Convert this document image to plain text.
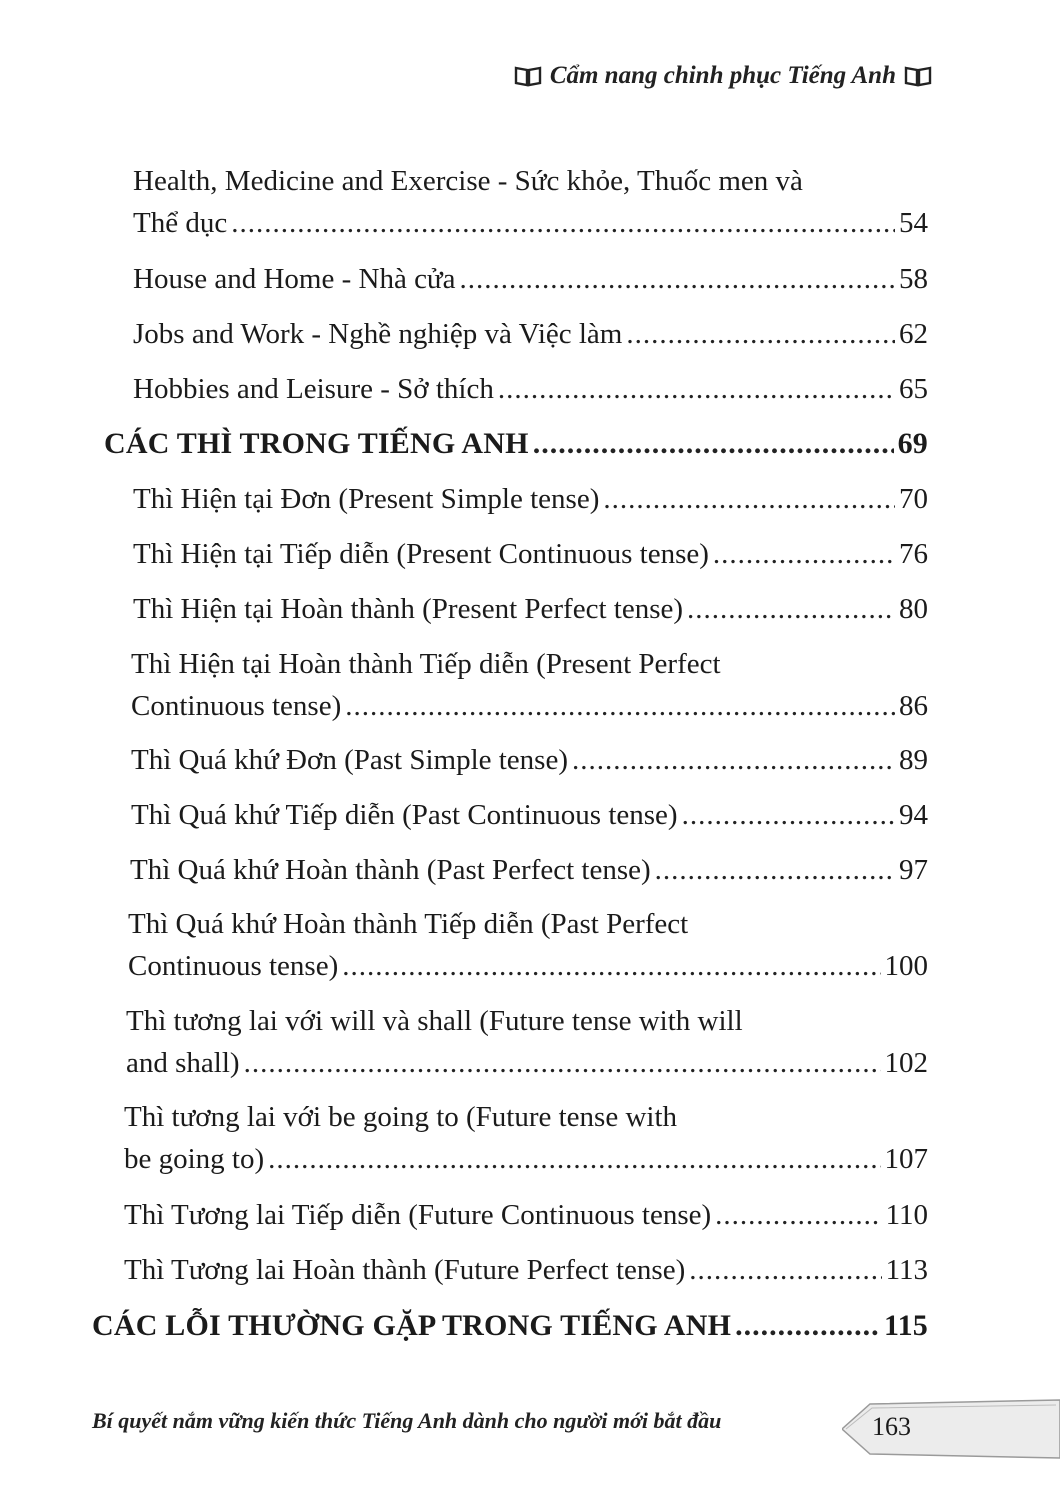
Cẩm nang chinh phục Tiếng Anh
Health, Medicine and Exercise - Sức khỏe, Thuốc men và
Thể dục .....	54
House and Home - Nhà cửa .....	58
Jobs and Work - Nghề nghiệp và Việc làm .....	62
Hobbies and Leisure - Sở thích .....	65
CÁC THÌ TRONG TIẾNG ANH .....	69
Thì Hiện tại Đơn (Present Simple tense) .....	70
Thì Hiện tại Tiếp diễn (Present Continuous tense) .....	76
Thì Hiện tại Hoàn thành (Present Perfect tense) .....	80
Thì Hiện tại Hoàn thành Tiếp diễn (Present Perfect
Continuous tense) .....	86
Thì Quá khứ Đơn (Past Simple tense) .....	89
Thì Quá khứ Tiếp diễn (Past Continuous tense) .....	94
Thì Quá khứ Hoàn thành (Past Perfect tense) .....	97
Thì Quá khứ Hoàn thành Tiếp diễn (Past Perfect
Continuous tense) .....	100
Thì tương lai với will và shall (Future tense with will
and shall) .....	102
Thì tương lai với be going to (Future tense with
be going to) .....	107
Thì Tương lai Tiếp diễn (Future Continuous tense) .....	110
Thì Tương lai Hoàn thành (Future Perfect tense) .....	113
CÁC LỖI THƯỜNG GẶP TRONG TIẾNG ANH .....	115
Bí quyết nắm vững kiến thức Tiếng Anh dành cho người mới bắt đầu	163
